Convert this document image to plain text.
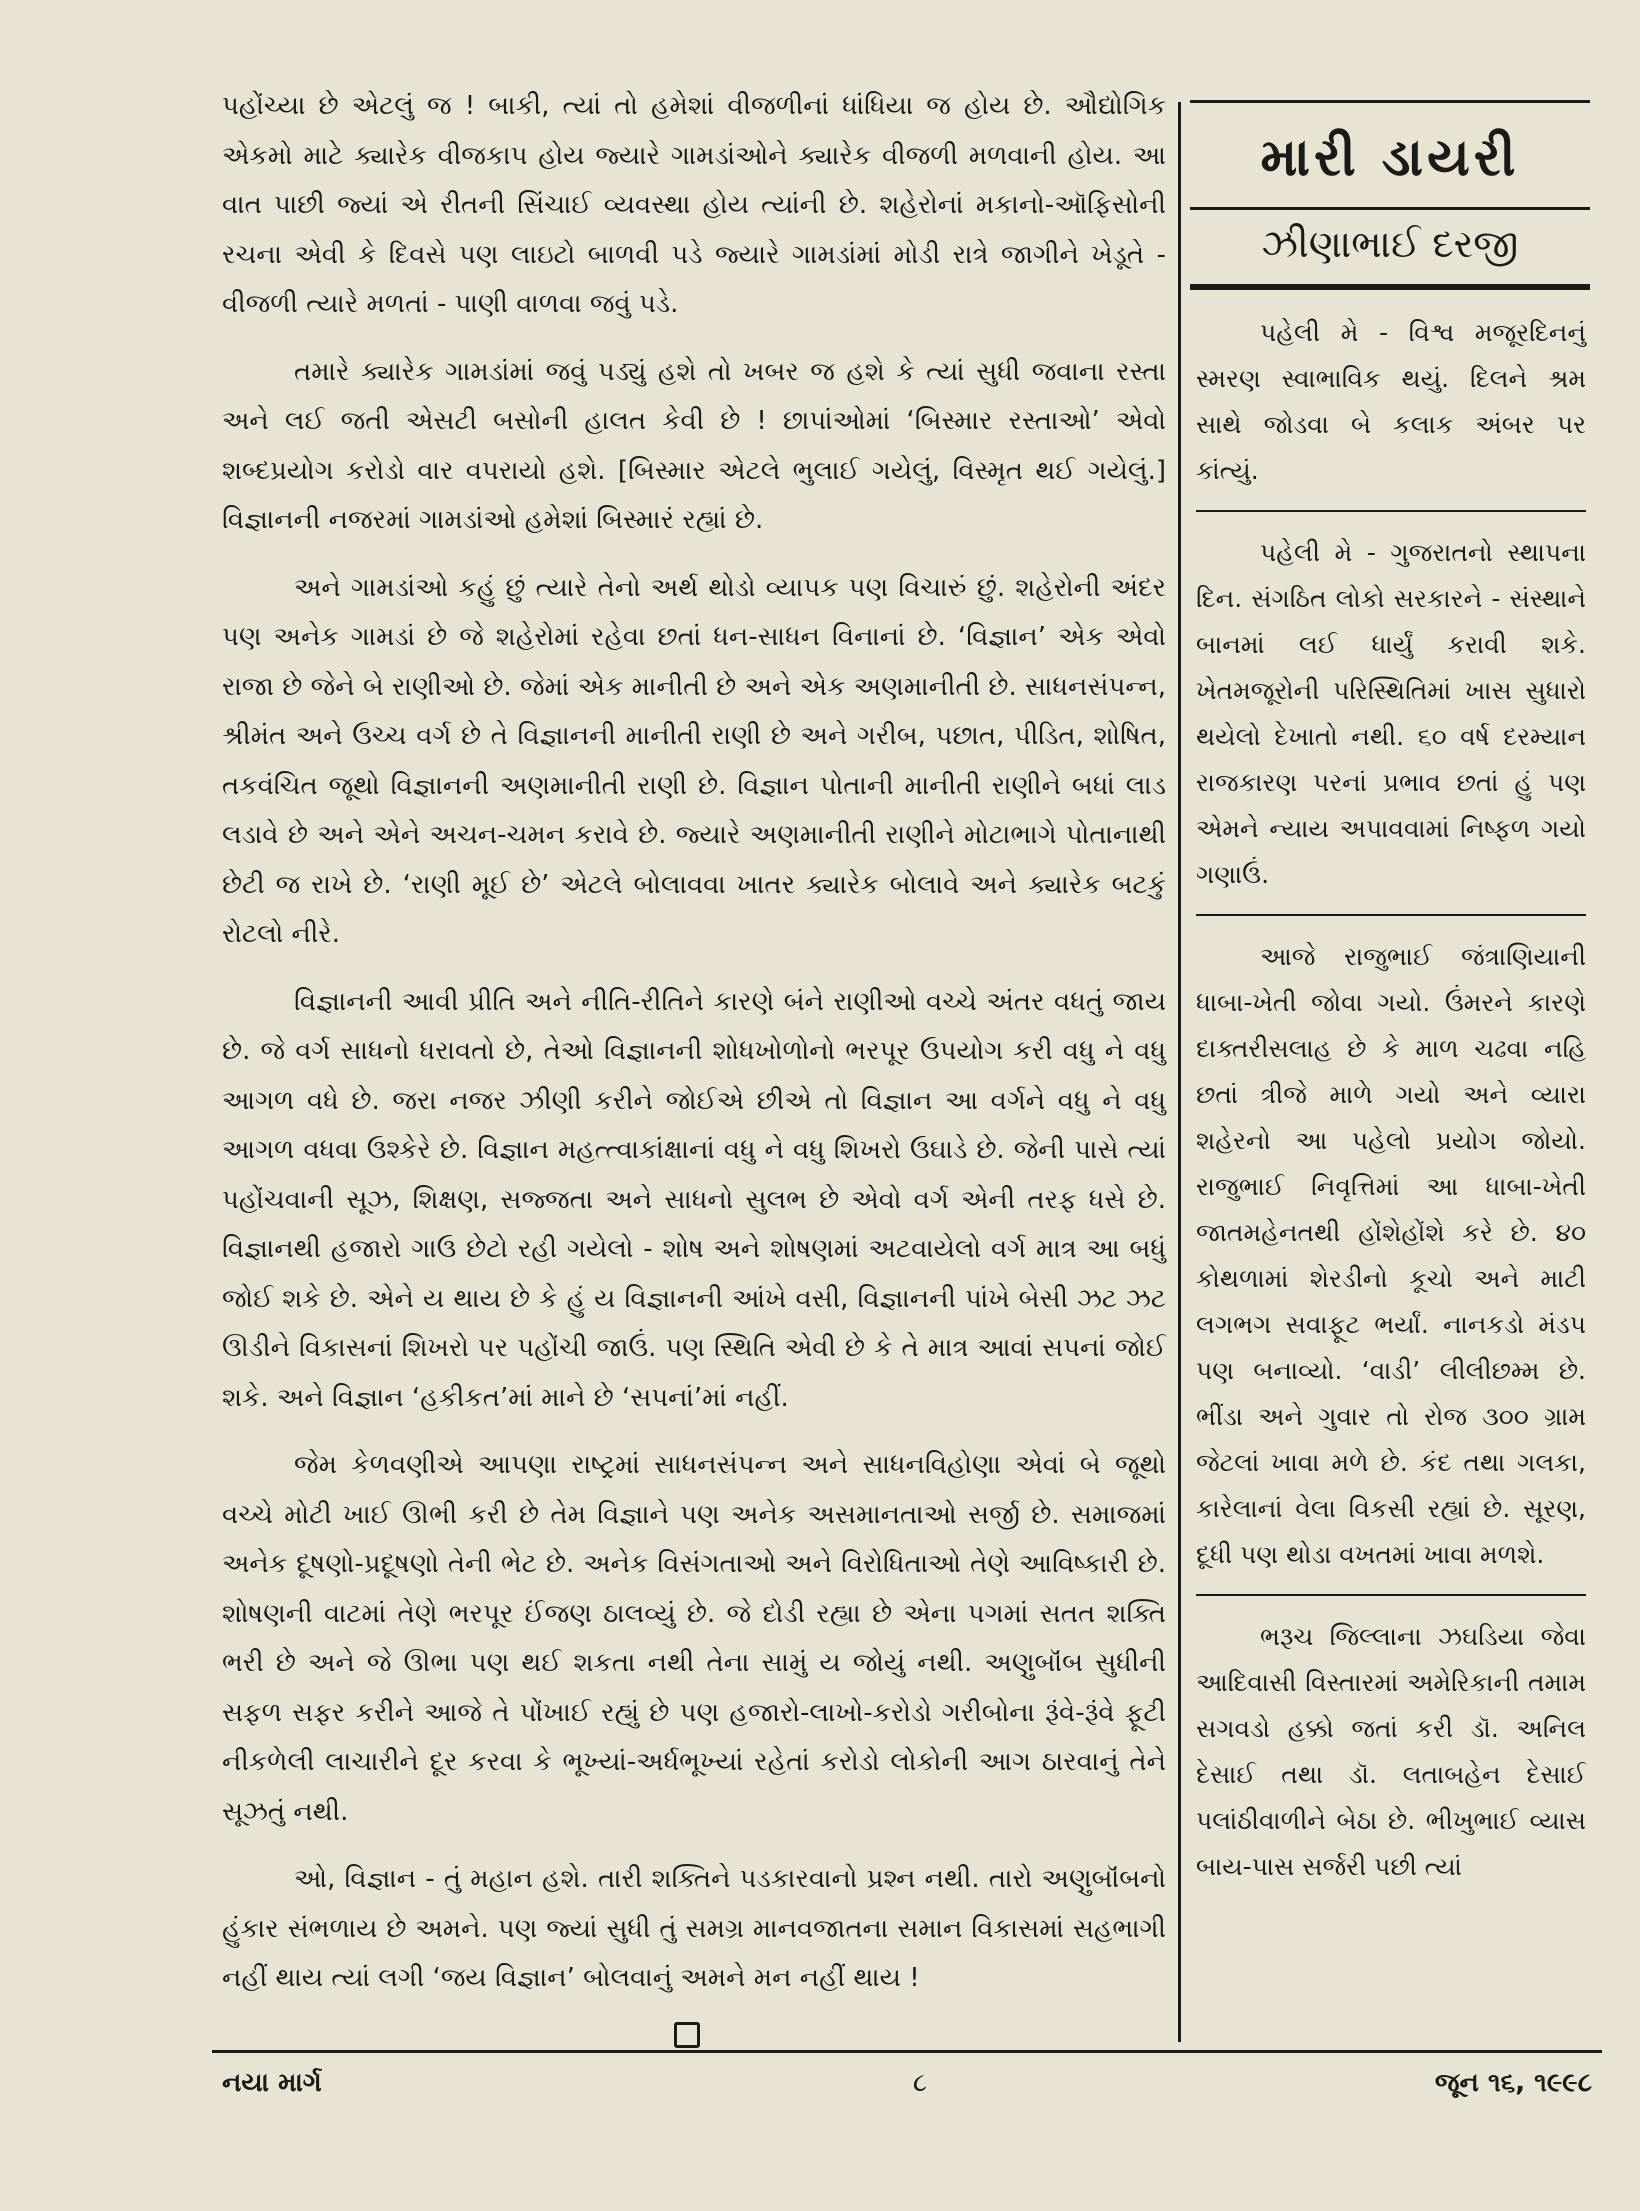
પહોંચ્યા છે એટલું જ ! બાકી, ત્યાં તો હમેશાં વીજળીનાં ધાંધિયા જ હોય છે. ઔદ્યોગિક એકમો માટે ક્યારેક વીજકાપ હોય જ્યારે ગામડાંઓને ક્યારેક વીજળી મળવાની હોય. આ વાત પાછી જ્યાં એ રીતની સિંચાઈ વ્યવસ્થા હોય ત્યાંની છે. શહેરોનાં મકાનો-ઑફિસોની રચના એવી કે દિવસે પણ લાઇટો બાળવી પડે જ્યારે ગામડાંમાં મોડી રાત્રે જાગીને ખેડૂતે - વીજળી ત્યારે મળતાં - પાણી વાળવા જવું પડે.

તમારે ક્યારેક ગામડાંમાં જવું પડ્યું હશે તો ખબર જ હશે કે ત્યાં સુધી જવાના રસ્તા અને લઈ જતી એસટી બસોની હાલત કેવી છે ! છાપાંઓમાં ‘બિસ્માર રસ્તાઓ’ એવો શબ્દપ્રયોગ કરોડો વાર વપરાયો હશે. [બિસ્માર એટલે ભુલાઈ ગયેલું, વિસ્મૃત થઈ ગયેલું.] વિજ્ઞાનની નજરમાં ગામડાંઓ હમેશાં બિસ્મારં રહ્યાં છે.

અને ગામડાંઓ કહું છું ત્યારે તેનો અર્થ થોડો વ્યાપક પણ વિચારું છું. શહેરોની અંદર પણ અનેક ગામડાં છે જે શહેરોમાં રહેવા છતાં ધન-સાધન વિનાનાં છે. ‘વિજ્ઞાન’ એક એવો રાજા છે જેને બે રાણીઓ છે. જેમાં એક માનીતી છે અને એક અણમાનીતી છે. સાધનસંપન્ન, શ્રીમંત અને ઉચ્ચ વર્ગ છે તે વિજ્ઞાનની માનીતી રાણી છે અને ગરીબ, પછાત, પીડિત, શોષિત, તકવંચિત જૂથો વિજ્ઞાનની અણમાનીતી રાણી છે. વિજ્ઞાન પોતાની માનીતી રાણીને બધાં લાડ લડાવે છે અને એને અચન-ચમન કરાવે છે. જ્યારે અણમાનીતી રાણીને મોટાભાગે પોતાનાથી છેટી જ રાખે છે. ‘રાણી મૂઈ છે’ એટલે બોલાવવા ખાતર ક્યારેક બોલાવે અને ક્યારેક બટકું રોટલો નીરે.

વિજ્ઞાનની આવી પ્રીતિ અને નીતિ-રીતિને કારણે બંને રાણીઓ વચ્ચે અંતર વધતું જાય છે. જે વર્ગ સાધનો ધરાવતો છે, તેઓ વિજ્ઞાનની શોધખોળોનો ભરપૂર ઉપયોગ કરી વધુ ને વધુ આગળ વધે છે. જરા નજર ઝીણી કરીને જોઈએ છીએ તો વિજ્ઞાન આ વર્ગને વધુ ને વધુ આગળ વધવા ઉશ્કેરે છે. વિજ્ઞાન મહત્ત્વાકાંક્ષાનાં વધુ ને વધુ શિખરો ઉઘાડે છે. જેની પાસે ત્યાં પહોંચવાની સૂઝ, શિક્ષણ, સજ્જતા અને સાધનો સુલભ છે એવો વર્ગ એની તરફ ધસે છે. વિજ્ઞાનથી હજારો ગાઉ છેટો રહી ગયેલો - શોષ અને શોષણમાં અટવાયેલો વર્ગ માત્ર આ બધું જોઈ શકે છે. એને ય થાય છે કે હું ય વિજ્ઞાનની આંખે વસી, વિજ્ઞાનની પાંખે બેસી ઝટ ઝટ ઊડીને વિકાસનાં શિખરો પર પહોંચી જાઉં. પણ સ્થિતિ એવી છે કે તે માત્ર આવાં સપનાં જોઈ શકે. અને વિજ્ઞાન ‘હકીકત’માં માને છે ‘સપનાં’માં નહીં.

જેમ કેળવણીએ આપણા રાષ્ટ્રમાં સાધનસંપન્ન અને સાધનવિહોણા એવાં બે જૂથો વચ્ચે મોટી ખાઈ ઊભી કરી છે તેમ વિજ્ઞાને પણ અનેક અસમાનતાઓ સર્જી છે. સમાજમાં અનેક દૂષણો-પ્રદૂષણો તેની ભેટ છે. અનેક વિસંગતાઓ અને વિરોધિતાઓ તેણે આવિષ્કારી છે. શોષણની વાટમાં તેણે ભરપૂર ઈંજણ ઠાલવ્યું છે. જે દોડી રહ્યા છે એના પગમાં સતત શક્તિ ભરી છે અને જે ઊભા પણ થઈ શકતા નથી તેના સામું ય જોયું નથી. અણુબૉંબ સુધીની સફળ સફર કરીને આજે તે પોંખાઈ રહ્યું છે પણ હજારો-લાખો-કરોડો ગરીબોના રૂંવે-રૂંવે ફૂટી નીકળેલી લાચારીને દૂર કરવા કે ભૂખ્યાં-અર્ધભૂખ્યાં રહેતાં કરોડો લોકોની આગ ઠારવાનું તેને સૂઝતું નથી.

ઓ, વિજ્ઞાન - તું મહાન હશે. તારી શક્તિને પડકારવાનો પ્રશ્ન નથી. તારો અણુબૉંબનો હુંકાર સંભળાય છે અમને. પણ જ્યાં સુધી તું સમગ્ર માનવજાતના સમાન વિકાસમાં સહભાગી નહીં થાય ત્યાં લગી ‘જય વિજ્ઞાન’ બોલવાનું અમને મન નહીં થાય !

મારી ડાયરી
ઝીણાભાઈ દરજી

પહેલી મે - વિશ્વ મજૂરદિનનું સ્મરણ સ્વાભાવિક થયું. દિલને શ્રમ સાથે જોડવા બે કલાક અંબર પર કાંત્યું.

પહેલી મે - ગુજરાતનો સ્થાપના દિન. સંગઠિત લોકો સરકારને - સંસ્થાને બાનમાં લઈ ધાર્યું કરાવી શકે. ખેતમજૂરોની પરિસ્થિતિમાં ખાસ સુધારો થયેલો દેખાતો નથી. ૬૦ વર્ષ દરમ્યાન રાજકારણ પરનાં પ્રભાવ છતાં હું પણ એમને ન્યાય અપાવવામાં નિષ્ફળ ગયો ગણાઉં.

આજે રાજુભાઈ જંત્રાણિયાની ધાબા-ખેતી જોવા ગયો. ઉંમરને કારણે દાક્તરીસલાહ છે કે માળ ચઢવા નહિ છતાં ત્રીજે માળે ગયો અને વ્યારા શહેરનો આ પહેલો પ્રયોગ જોયો. રાજુભાઈ નિવૃત્તિમાં આ ધાબા-ખેતી જાતમહેનતથી હોંશેહોંશે કરે છે. ૪૦ કોથળામાં શેરડીનો કૂચો અને માટી લગભગ સવાફૂટ ભર્યાં. નાનકડો મંડપ પણ બનાવ્યો. ‘વાડી’ લીલીછમ્મ છે. ભીંડા અને ગુવાર તો રોજ ૩૦૦ ગ્રામ જેટલાં ખાવા મળે છે. કંદ તથા ગલકા, કારેલાનાં વેલા વિકસી રહ્યાં છે. સૂરણ, દૂધી પણ થોડા વખતમાં ખાવા મળશે.

ભરૂચ જિલ્લાના ઝઘડિયા જેવા આદિવાસી વિસ્તારમાં અમેરિકાની તમામ સગવડો હક્કો જતાં કરી ડૉ. અનિલ દેસાઈ તથા ડૉ. લતાબહેન દેસાઈ પલાંઠીવાળીને બેઠા છે. ભીખુભાઈ વ્યાસ બાય-પાસ સર્જરી પછી ત્યાં

નયા માર્ગ	૮	જૂન ૧૬, ૧૯૯૮
